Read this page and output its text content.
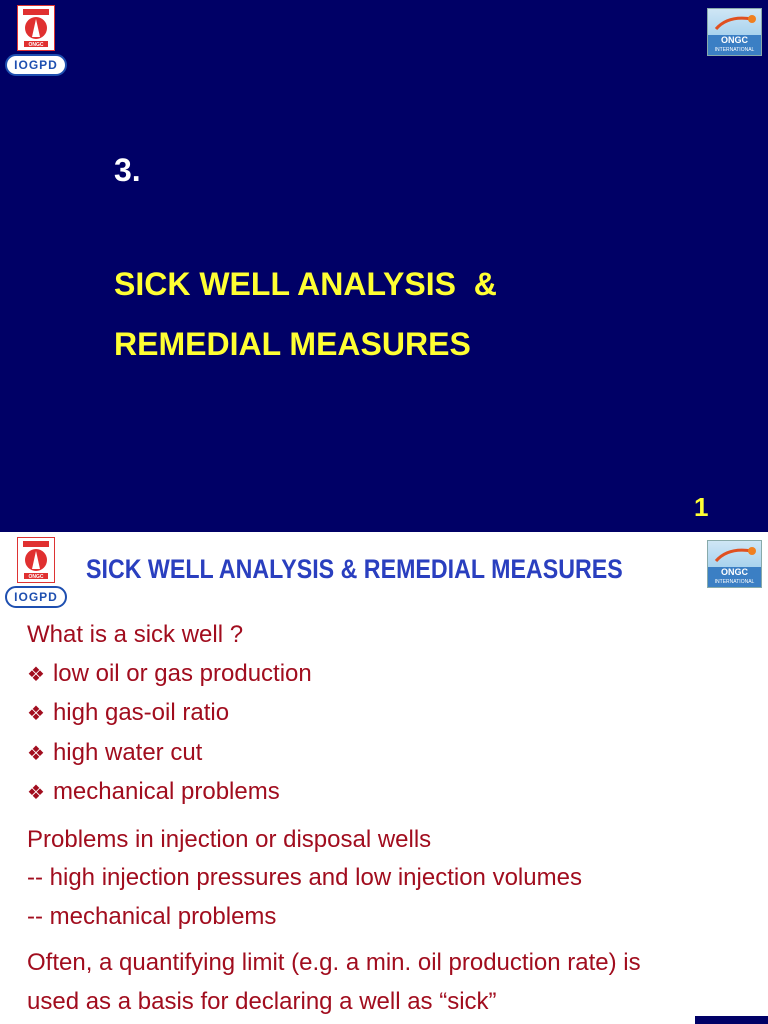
ONGC
IOGPD
ONGC
INTERNATIONAL
3.
SICK WELL ANALYSIS  &
REMEDIAL MEASURES
1
ONGC
IOGPD
ONGC
INTERNATIONAL
SICK WELL ANALYSIS & REMEDIAL MEASURES
What is a sick well ?
❖ low oil or gas production
❖ high gas-oil ratio
❖ high water cut
❖ mechanical problems
Problems in injection or disposal wells
-- high injection pressures and low injection volumes
-- mechanical problems
Often, a quantifying limit (e.g. a min. oil production rate) is
used as a basis for declaring a well as “sick”
